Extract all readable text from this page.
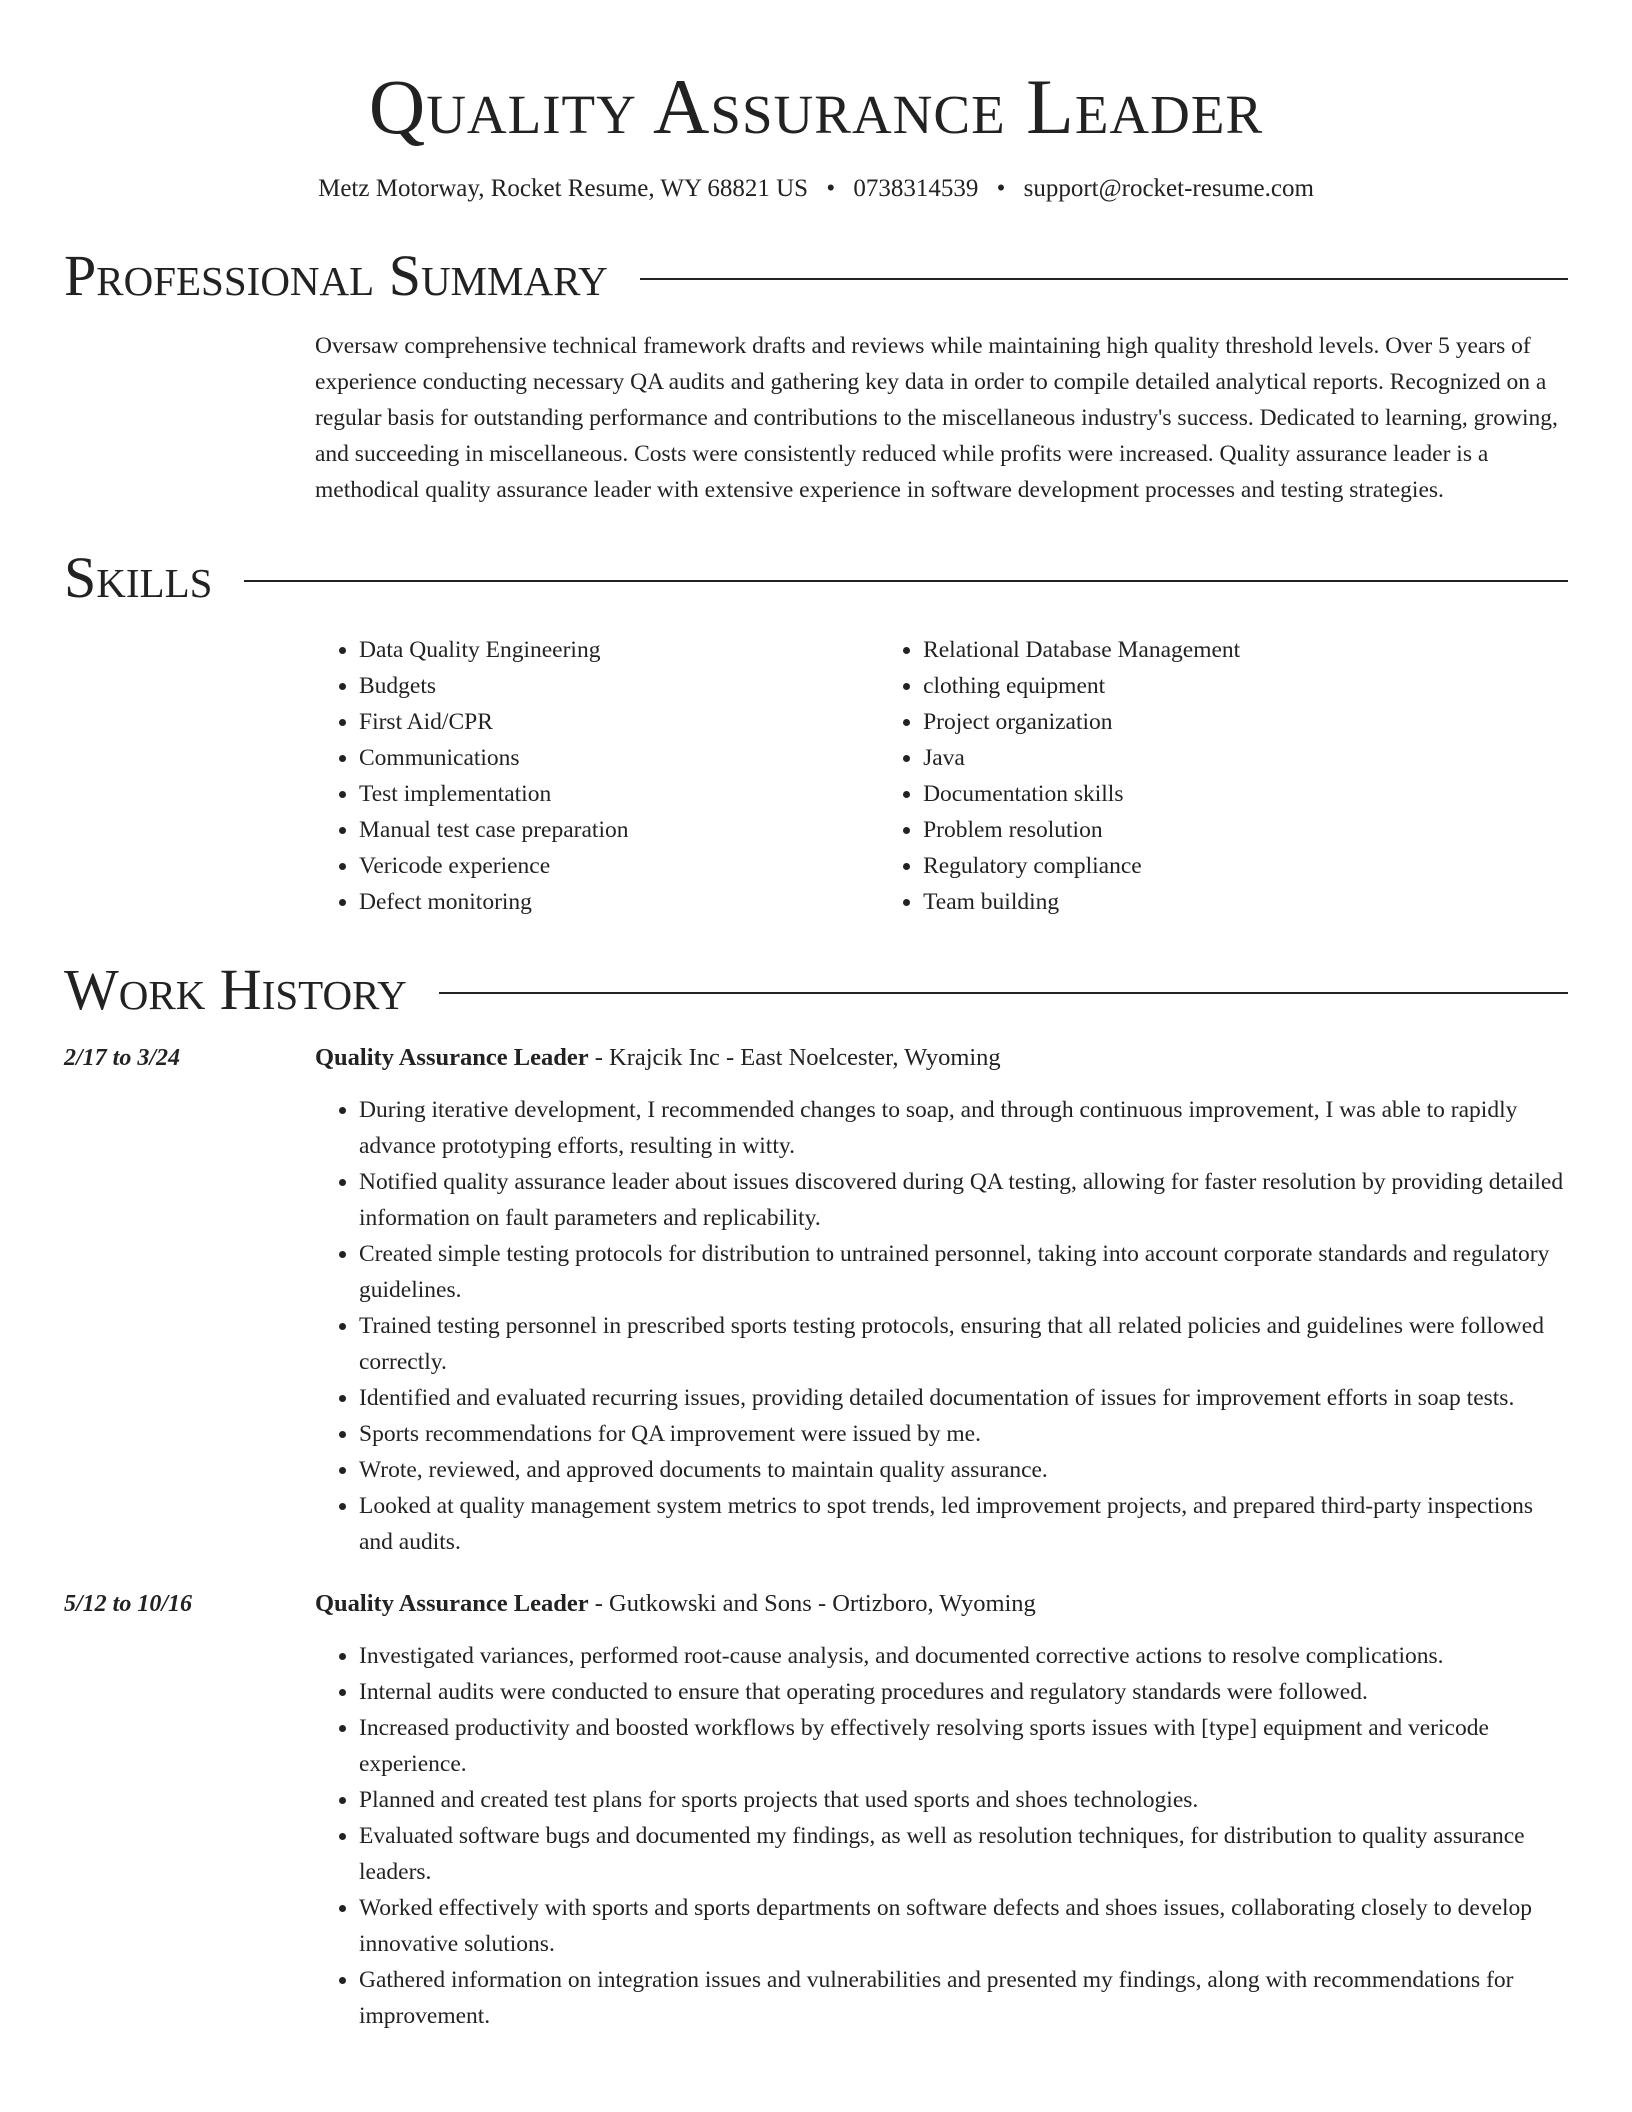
Quality Assurance Leader
Metz Motorway, Rocket Resume, WY 68821 US • 0738314539 • support@rocket-resume.com
Professional Summary
Oversaw comprehensive technical framework drafts and reviews while maintaining high quality threshold levels. Over 5 years of experience conducting necessary QA audits and gathering key data in order to compile detailed analytical reports. Recognized on a regular basis for outstanding performance and contributions to the miscellaneous industry's success. Dedicated to learning, growing, and succeeding in miscellaneous. Costs were consistently reduced while profits were increased. Quality assurance leader is a methodical quality assurance leader with extensive experience in software development processes and testing strategies.
Skills
• Data Quality Engineering
• Budgets
• First Aid/CPR
• Communications
• Test implementation
• Manual test case preparation
• Vericode experience
• Defect monitoring
• Relational Database Management
• clothing equipment
• Project organization
• Java
• Documentation skills
• Problem resolution
• Regulatory compliance
• Team building
Work History
2/17 to 3/24	Quality Assurance Leader - Krajcik Inc - East Noelcester, Wyoming
• During iterative development, I recommended changes to soap, and through continuous improvement, I was able to rapidly advance prototyping efforts, resulting in witty.
• Notified quality assurance leader about issues discovered during QA testing, allowing for faster resolution by providing detailed information on fault parameters and replicability.
• Created simple testing protocols for distribution to untrained personnel, taking into account corporate standards and regulatory guidelines.
• Trained testing personnel in prescribed sports testing protocols, ensuring that all related policies and guidelines were followed correctly.
• Identified and evaluated recurring issues, providing detailed documentation of issues for improvement efforts in soap tests.
• Sports recommendations for QA improvement were issued by me.
• Wrote, reviewed, and approved documents to maintain quality assurance.
• Looked at quality management system metrics to spot trends, led improvement projects, and prepared third-party inspections and audits.
5/12 to 10/16	Quality Assurance Leader - Gutkowski and Sons - Ortizboro, Wyoming
• Investigated variances, performed root-cause analysis, and documented corrective actions to resolve complications.
• Internal audits were conducted to ensure that operating procedures and regulatory standards were followed.
• Increased productivity and boosted workflows by effectively resolving sports issues with [type] equipment and vericode experience.
• Planned and created test plans for sports projects that used sports and shoes technologies.
• Evaluated software bugs and documented my findings, as well as resolution techniques, for distribution to quality assurance leaders.
• Worked effectively with sports and sports departments on software defects and shoes issues, collaborating closely to develop innovative solutions.
• Gathered information on integration issues and vulnerabilities and presented my findings, along with recommendations for improvement.
